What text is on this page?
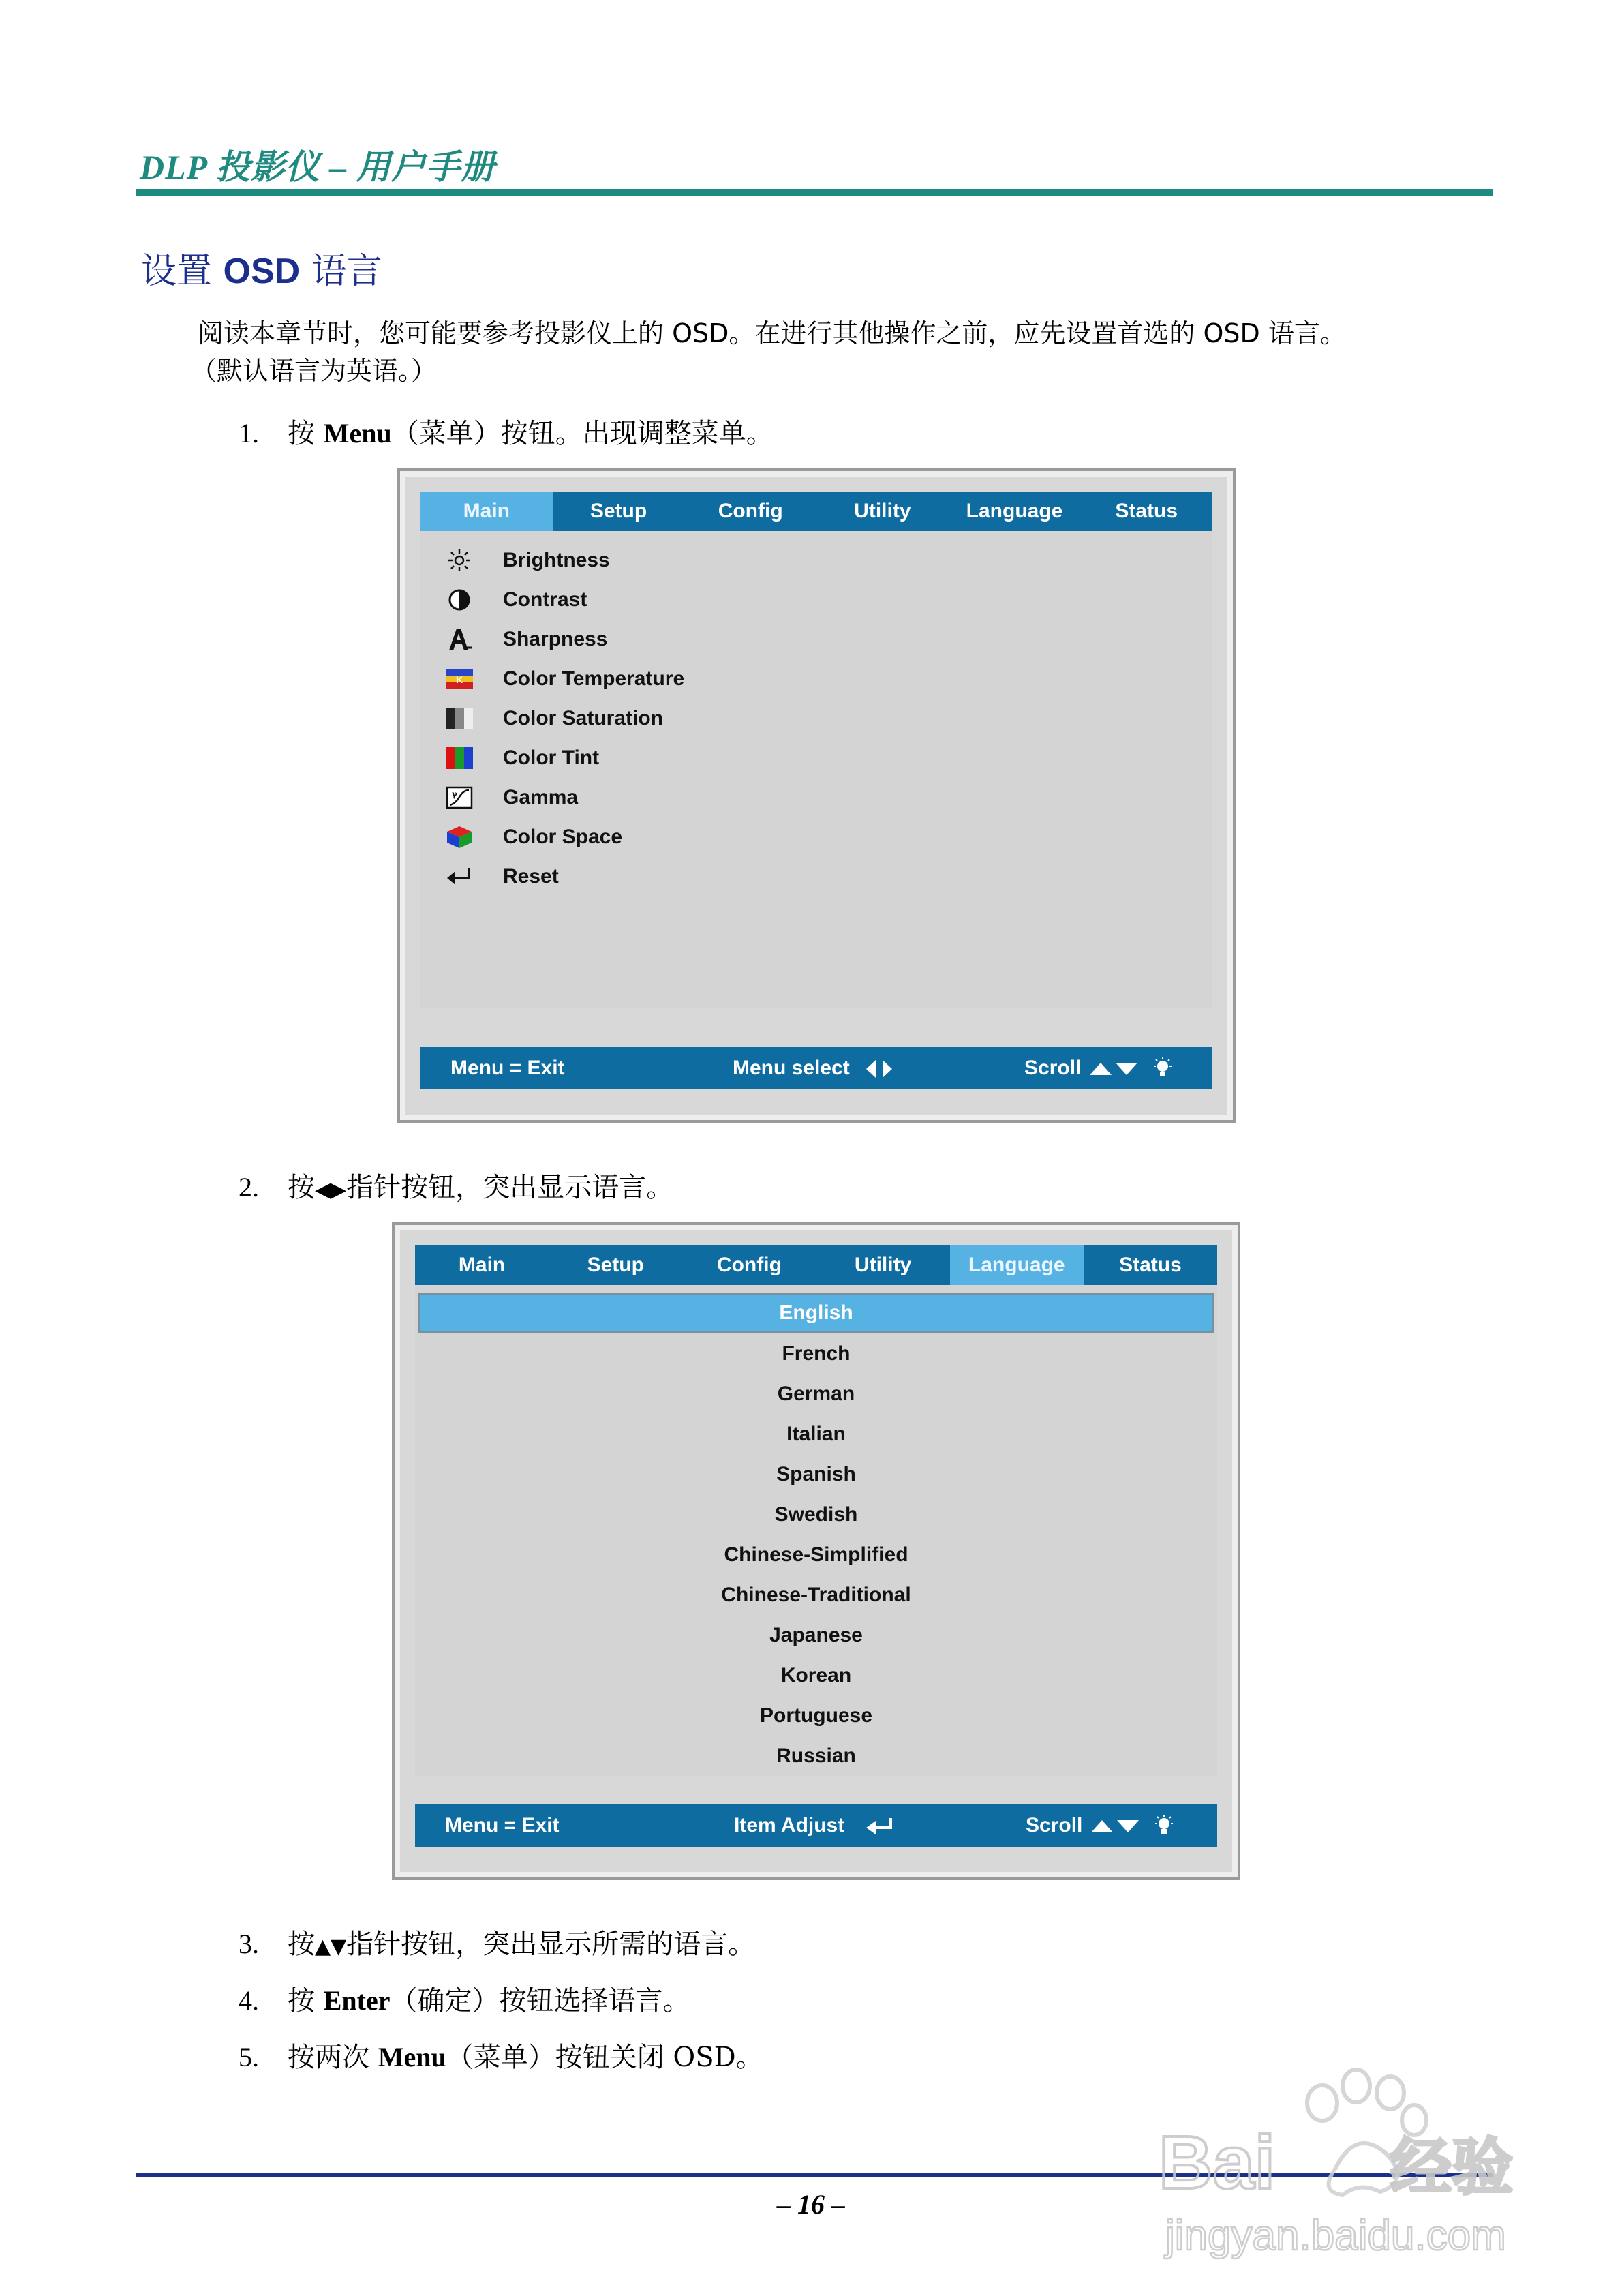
DLP 投影仪 – 用户手册
设置 OSD 语言
阅读本章节时，您可能要参考投影仪上的 OSD。在进行其他操作之前，应先设置首选的 OSD 语言。
（默认语言为英语。）
1. 按 Menu（菜单）按钮。出现调整菜单。
Main	Setup	Config	Utility	Language	Status
Brightness
Contrast
Sharpness
K Color Temperature
Color Saturation
Color Tint
γ Gamma
Color Space
Reset
Menu = Exit	Menu select	Scroll
2. 按◀▶指针按钮，突出显示语言。
Main	Setup	Config	Utility	Language	Status
English
French
German
Italian
Spanish
Swedish
Chinese-Simplified
Chinese-Traditional
Japanese
Korean
Portuguese
Russian
Menu = Exit	Item Adjust	Scroll
3. 按▲▼指针按钮，突出显示所需的语言。
4. 按 Enter（确定）按钮选择语言。
5. 按两次 Menu（菜单）按钮关闭 OSD。
– 16 –	Bai 经验
jingyan.baidu.com
